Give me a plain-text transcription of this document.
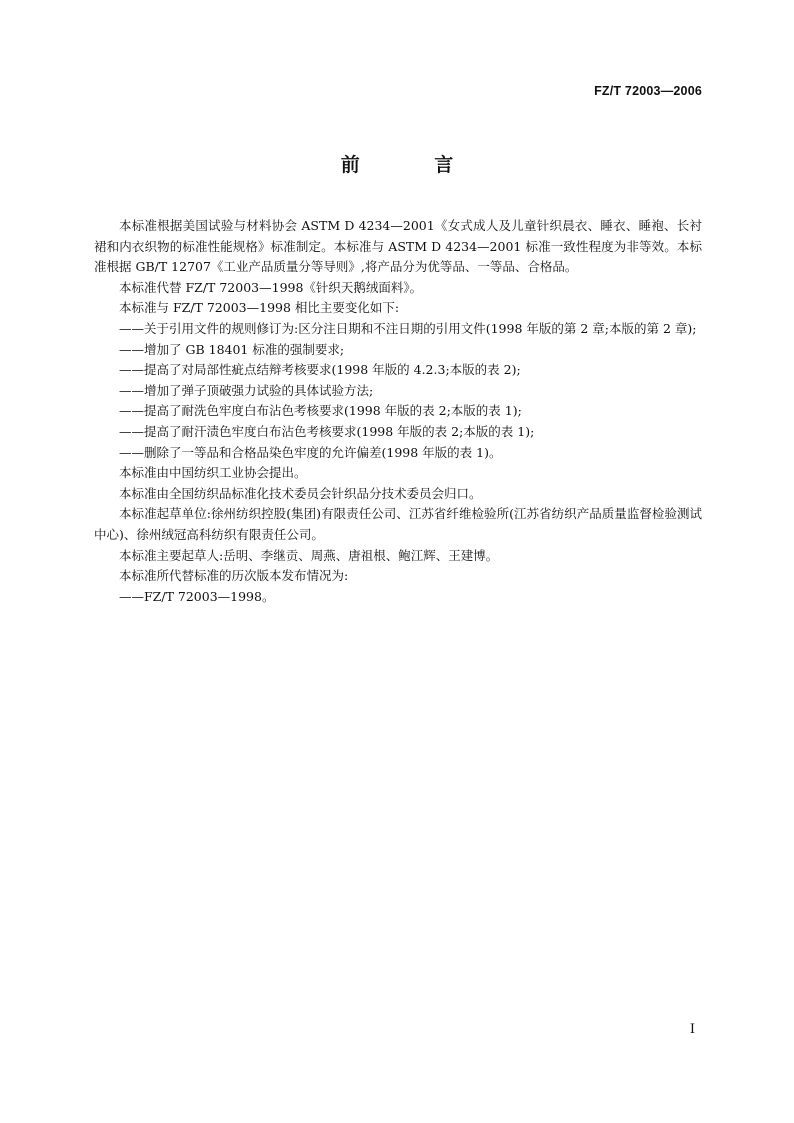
FZ/T 72003—2006
前 言

本标准根据美国试验与材料协会 ASTM D 4234—2001《女式成人及儿童针织晨衣、睡衣、睡袍、长衬裙和内衣织物的标准性能规格》标准制定。本标准与 ASTM D 4234—2001 标准一致性程度为非等效。本标准根据 GB/T 12707《工业产品质量分等导则》,将产品分为优等品、一等品、合格品。

本标准代替 FZ/T 72003—1998《针织天鹅绒面料》。

本标准与 FZ/T 72003—1998 相比主要变化如下:

——关于引用文件的规则修订为:区分注日期和不注日期的引用文件(1998 年版的第 2 章;本版的第 2 章);

——增加了 GB 18401 标准的强制要求;

——提高了对局部性疵点结辩考核要求(1998 年版的 4.2.3;本版的表 2);

——增加了弹子顶破强力试验的具体试验方法;

——提高了耐洗色牢度白布沾色考核要求(1998 年版的表 2;本版的表 1);

——提高了耐汗渍色牢度白布沾色考核要求(1998 年版的表 2;本版的表 1);

——删除了一等品和合格品染色牢度的允许偏差(1998 年版的表 1)。

本标准由中国纺织工业协会提出。

本标准由全国纺织品标准化技术委员会针织品分技术委员会归口。

本标准起草单位:徐州纺织控股(集团)有限责任公司、江苏省纤维检验所(江苏省纺织产品质量监督检验测试中心)、徐州绒冠高科纺织有限责任公司。

本标准主要起草人:岳明、李继贡、周燕、唐祖根、鲍江辉、王建博。

本标准所代替标准的历次版本发布情况为:

——FZ/T 72003—1998。

I
